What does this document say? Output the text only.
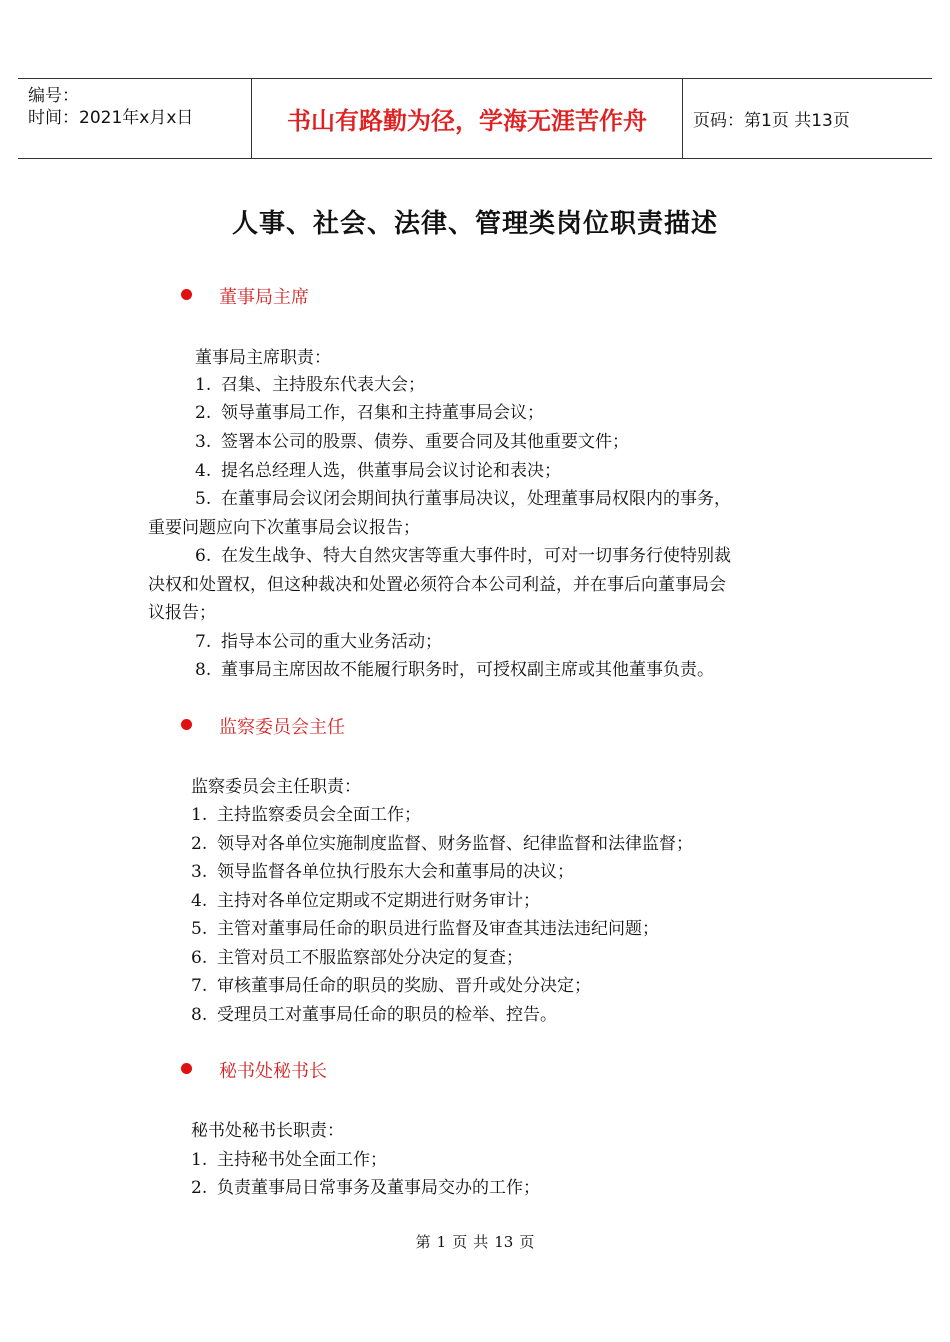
编号：
时间：2021年x月x日	书山有路勤为径，学海无涯苦作舟	页码：第1页 共13页
人事、社会、法律、管理类岗位职责描述
董事局主席
董事局主席职责：
1. 召集、主持股东代表大会；
2. 领导董事局工作，召集和主持董事局会议；
3. 签署本公司的股票、债券、重要合同及其他重要文件；
4. 提名总经理人选，供董事局会议讨论和表决；
5. 在董事局会议闭会期间执行董事局决议，处理董事局权限内的事务，
重要问题应向下次董事局会议报告；
6. 在发生战争、特大自然灾害等重大事件时，可对一切事务行使特别裁
决权和处置权，但这种裁决和处置必须符合本公司利益，并在事后向董事局会
议报告；
7. 指导本公司的重大业务活动；
8. 董事局主席因故不能履行职务时，可授权副主席或其他董事负责。
监察委员会主任
监察委员会主任职责：
1. 主持监察委员会全面工作；
2. 领导对各单位实施制度监督、财务监督、纪律监督和法律监督；
3. 领导监督各单位执行股东大会和董事局的决议；
4. 主持对各单位定期或不定期进行财务审计；
5. 主管对董事局任命的职员进行监督及审查其违法违纪问题；
6. 主管对员工不服监察部处分决定的复查；
7. 审核董事局任命的职员的奖励、晋升或处分决定；
8. 受理员工对董事局任命的职员的检举、控告。
秘书处秘书长
秘书处秘书长职责：
1. 主持秘书处全面工作；
2. 负责董事局日常事务及董事局交办的工作；
第 1 页 共 13 页
